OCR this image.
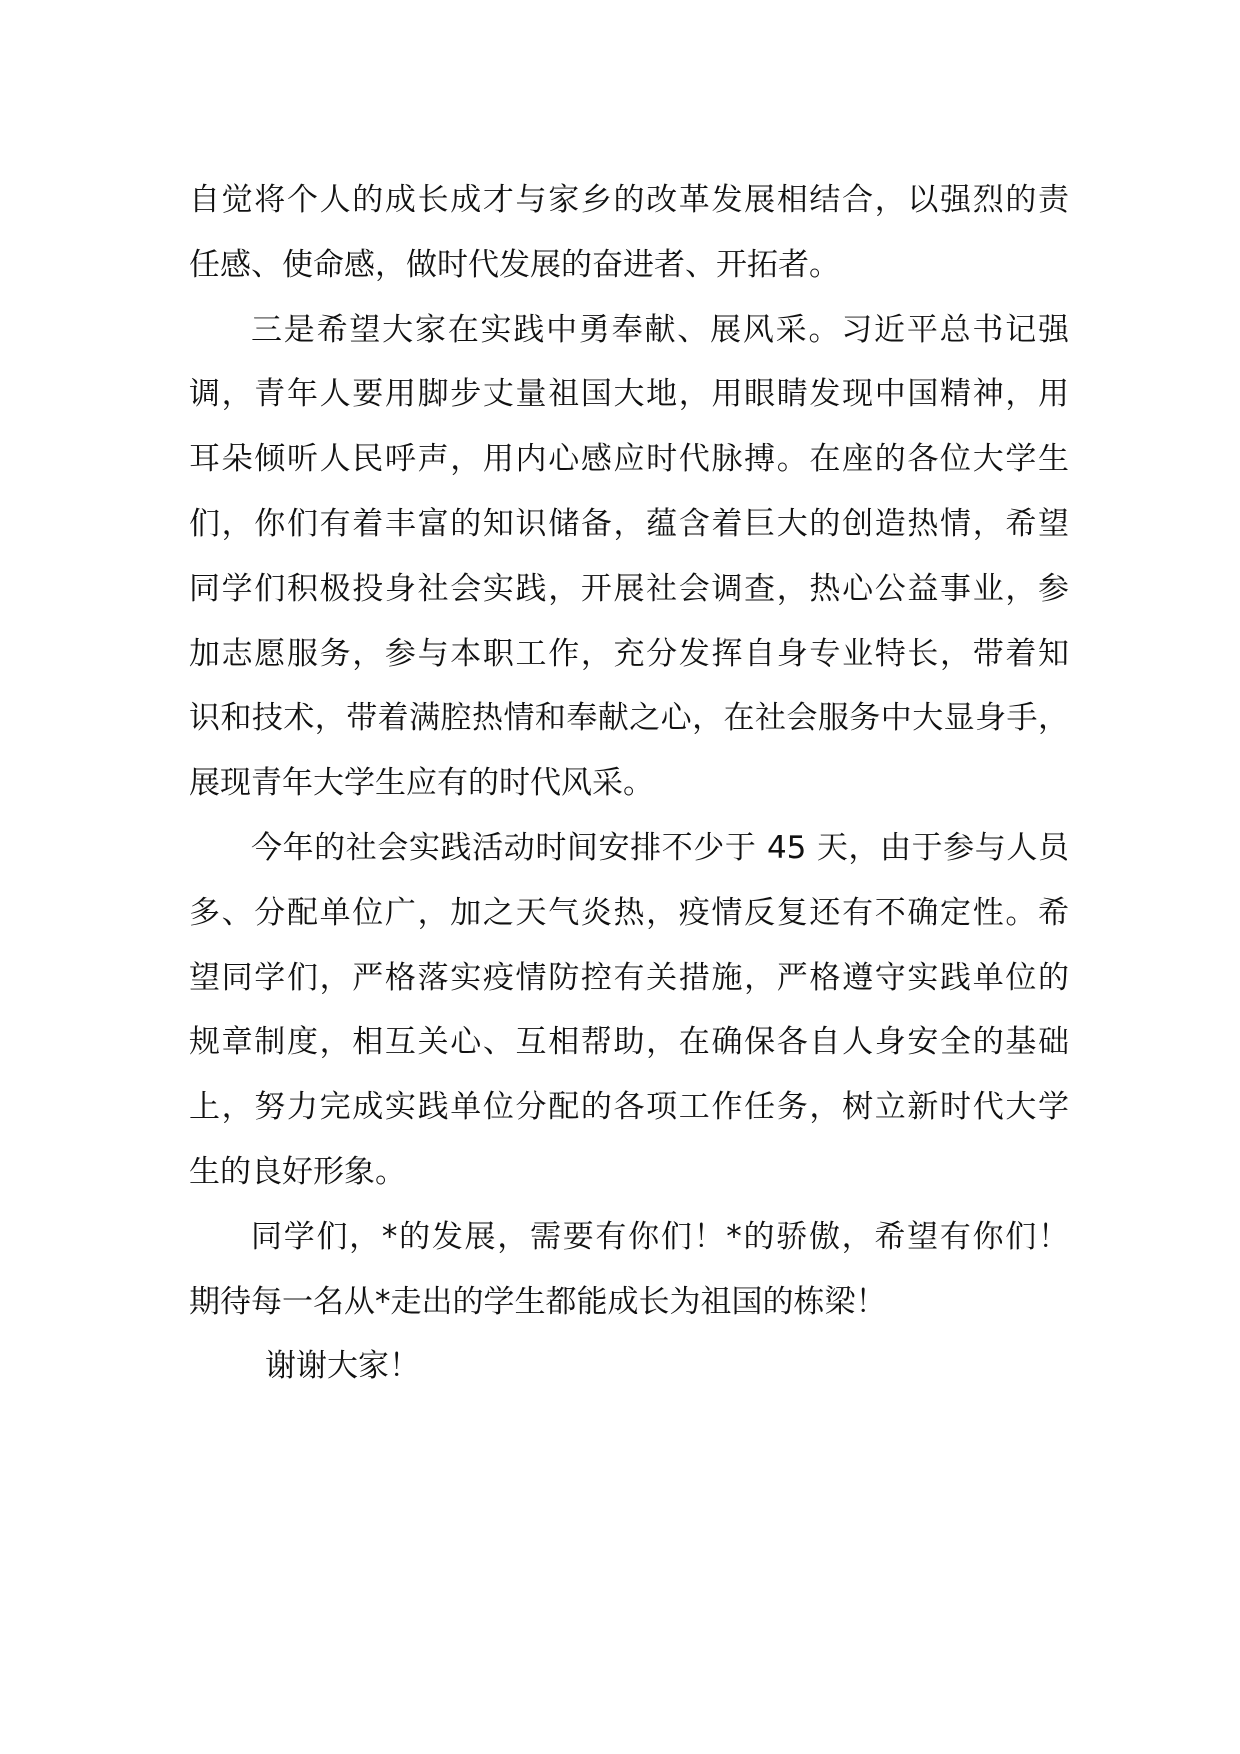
自觉将个人的成长成才与家乡的改革发展相结合，以强烈的责
任感、使命感，做时代发展的奋进者、开拓者。
三是希望大家在实践中勇奉献、展风采。习近平总书记强
调，青年人要用脚步丈量祖国大地，用眼睛发现中国精神，用
耳朵倾听人民呼声，用内心感应时代脉搏。在座的各位大学生
们，你们有着丰富的知识储备，蕴含着巨大的创造热情，希望
同学们积极投身社会实践，开展社会调查，热心公益事业，参
加志愿服务，参与本职工作，充分发挥自身专业特长，带着知
识和技术，带着满腔热情和奉献之心，在社会服务中大显身手，
展现青年大学生应有的时代风采。
今年的社会实践活动时间安排不少于 45 天，由于参与人员
多、分配单位广，加之天气炎热，疫情反复还有不确定性。希
望同学们，严格落实疫情防控有关措施，严格遵守实践单位的
规章制度，相互关心、互相帮助，在确保各自人身安全的基础
上，努力完成实践单位分配的各项工作任务，树立新时代大学
生的良好形象。
同学们，*的发展，需要有你们！*的骄傲，希望有你们！
期待每一名从*走出的学生都能成长为祖国的栋梁！
谢谢大家！
